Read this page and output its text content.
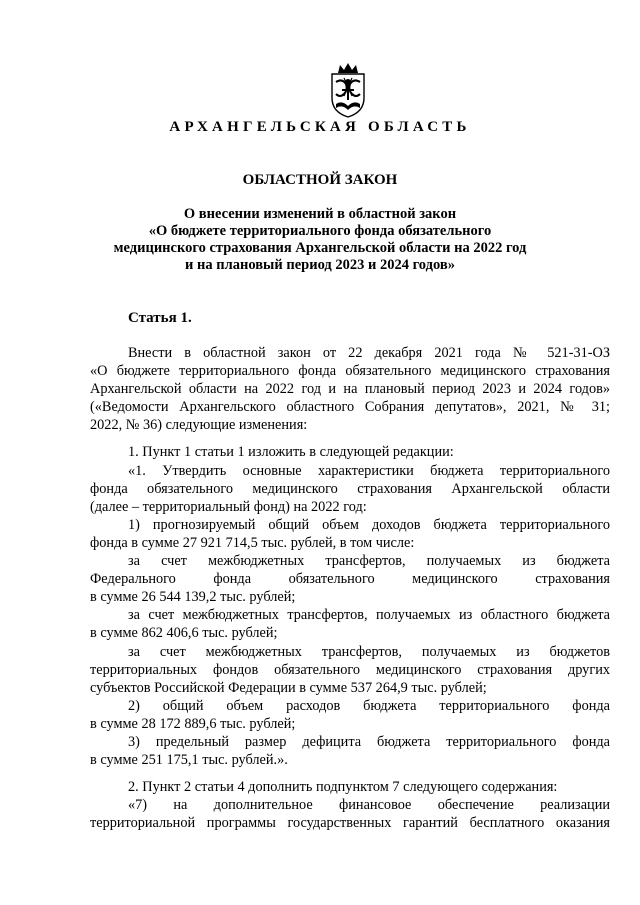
АРХАНГЕЛЬСКАЯ ОБЛАСТЬ
ОБЛАСТНОЙ ЗАКОН
О внесении изменений в областной закон
«О бюджете территориального фонда обязательного
медицинского страхования Архангельской области на 2022 год
и на плановый период 2023 и 2024 годов»
Статья 1.
Внести в областной закон от 22 декабря 2021 года № 521-31-ОЗ
«О бюджете территориального фонда обязательного медицинского страхования
Архангельской области на 2022 год и на плановый период 2023 и 2024 годов»
(«Ведомости Архангельского областного Собрания депутатов», 2021, № 31;
2022, № 36) следующие изменения:
1. Пункт 1 статьи 1 изложить в следующей редакции:
«1. Утвердить основные характеристики бюджета территориального
фонда обязательного медицинского страхования Архангельской области
(далее – территориальный фонд) на 2022 год:
1) прогнозируемый общий объем доходов бюджета территориального
фонда в сумме 27 921 714,5 тыс. рублей, в том числе:
за счет межбюджетных трансфертов, получаемых из бюджета
Федерального фонда обязательного медицинского страхования
в сумме 26 544 139,2 тыс. рублей;
за счет межбюджетных трансфертов, получаемых из областного бюджета
в сумме 862 406,6 тыс. рублей;
за счет межбюджетных трансфертов, получаемых из бюджетов
территориальных фондов обязательного медицинского страхования других
субъектов Российской Федерации в сумме 537 264,9 тыс. рублей;
2) общий объем расходов бюджета территориального фонда
в сумме 28 172 889,6 тыс. рублей;
3) предельный размер дефицита бюджета территориального фонда
в сумме 251 175,1 тыс. рублей.».
2. Пункт 2 статьи 4 дополнить подпунктом 7 следующего содержания:
«7) на дополнительное финансовое обеспечение реализации
территориальной программы государственных гарантий бесплатного оказания
